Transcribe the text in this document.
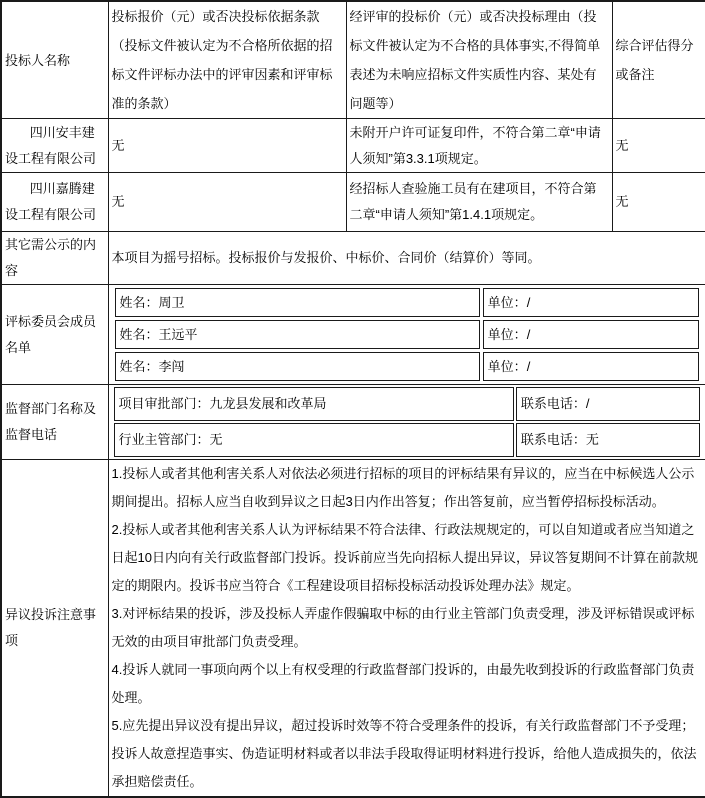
投标人名称	投标报价（元）或否决投标依据条款（投标文件被认定为不合格所依据的招标文件评标办法中的评审因素和评审标准的条款）	经评审的投标价（元）或否决投标理由（投标文件被认定为不合格的具体事实,不得简单表述为未响应招标文件实质性内容、某处有问题等）	综合评估得分或备注
四川安丰建设工程有限公司	无	未附开户许可证复印件，不符合第二章“申请人须知”第3.3.1项规定。	无
四川嘉腾建设工程有限公司	无	经招标人查验施工员有在建项目，不符合第二章“申请人须知”第1.4.1项规定。	无
其它需公示的内容	本项目为摇号招标。投标报价与发报价、中标价、合同价（结算价）等同。
评标委员会成员名单	
姓名：周卫	单位：/
姓名：王远平	单位：/
姓名：李闯	单位：/

监督部门名称及监督电话	
项目审批部门：九龙县发展和改革局	联系电话：/
行业主管部门：无	联系电话：无

异议投诉注意事项	

1.投标人或者其他利害关系人对依法必须进行招标的项目的评标结果有异议的，应当在中标候选人公示期间提出。招标人应当自收到异议之日起3日内作出答复；作出答复前，应当暂停招标投标活动。

2.投标人或者其他利害关系人认为评标结果不符合法律、行政法规规定的，可以自知道或者应当知道之日起10日内向有关行政监督部门投诉。投诉前应当先向招标人提出异议，异议答复期间不计算在前款规定的期限内。投诉书应当符合《工程建设项目招标投标活动投诉处理办法》规定。

3.对评标结果的投诉，涉及投标人弄虚作假骗取中标的由行业主管部门负责受理，涉及评标错误或评标无效的由项目审批部门负责受理。

4.投诉人就同一事项向两个以上有权受理的行政监督部门投诉的，由最先收到投诉的行政监督部门负责处理。

5.应先提出异议没有提出异议，超过投诉时效等不符合受理条件的投诉，有关行政监督部门不予受理；

投诉人故意捏造事实、伪造证明材料或者以非法手段取得证明材料进行投诉，给他人造成损失的，依法承担赔偿责任。
